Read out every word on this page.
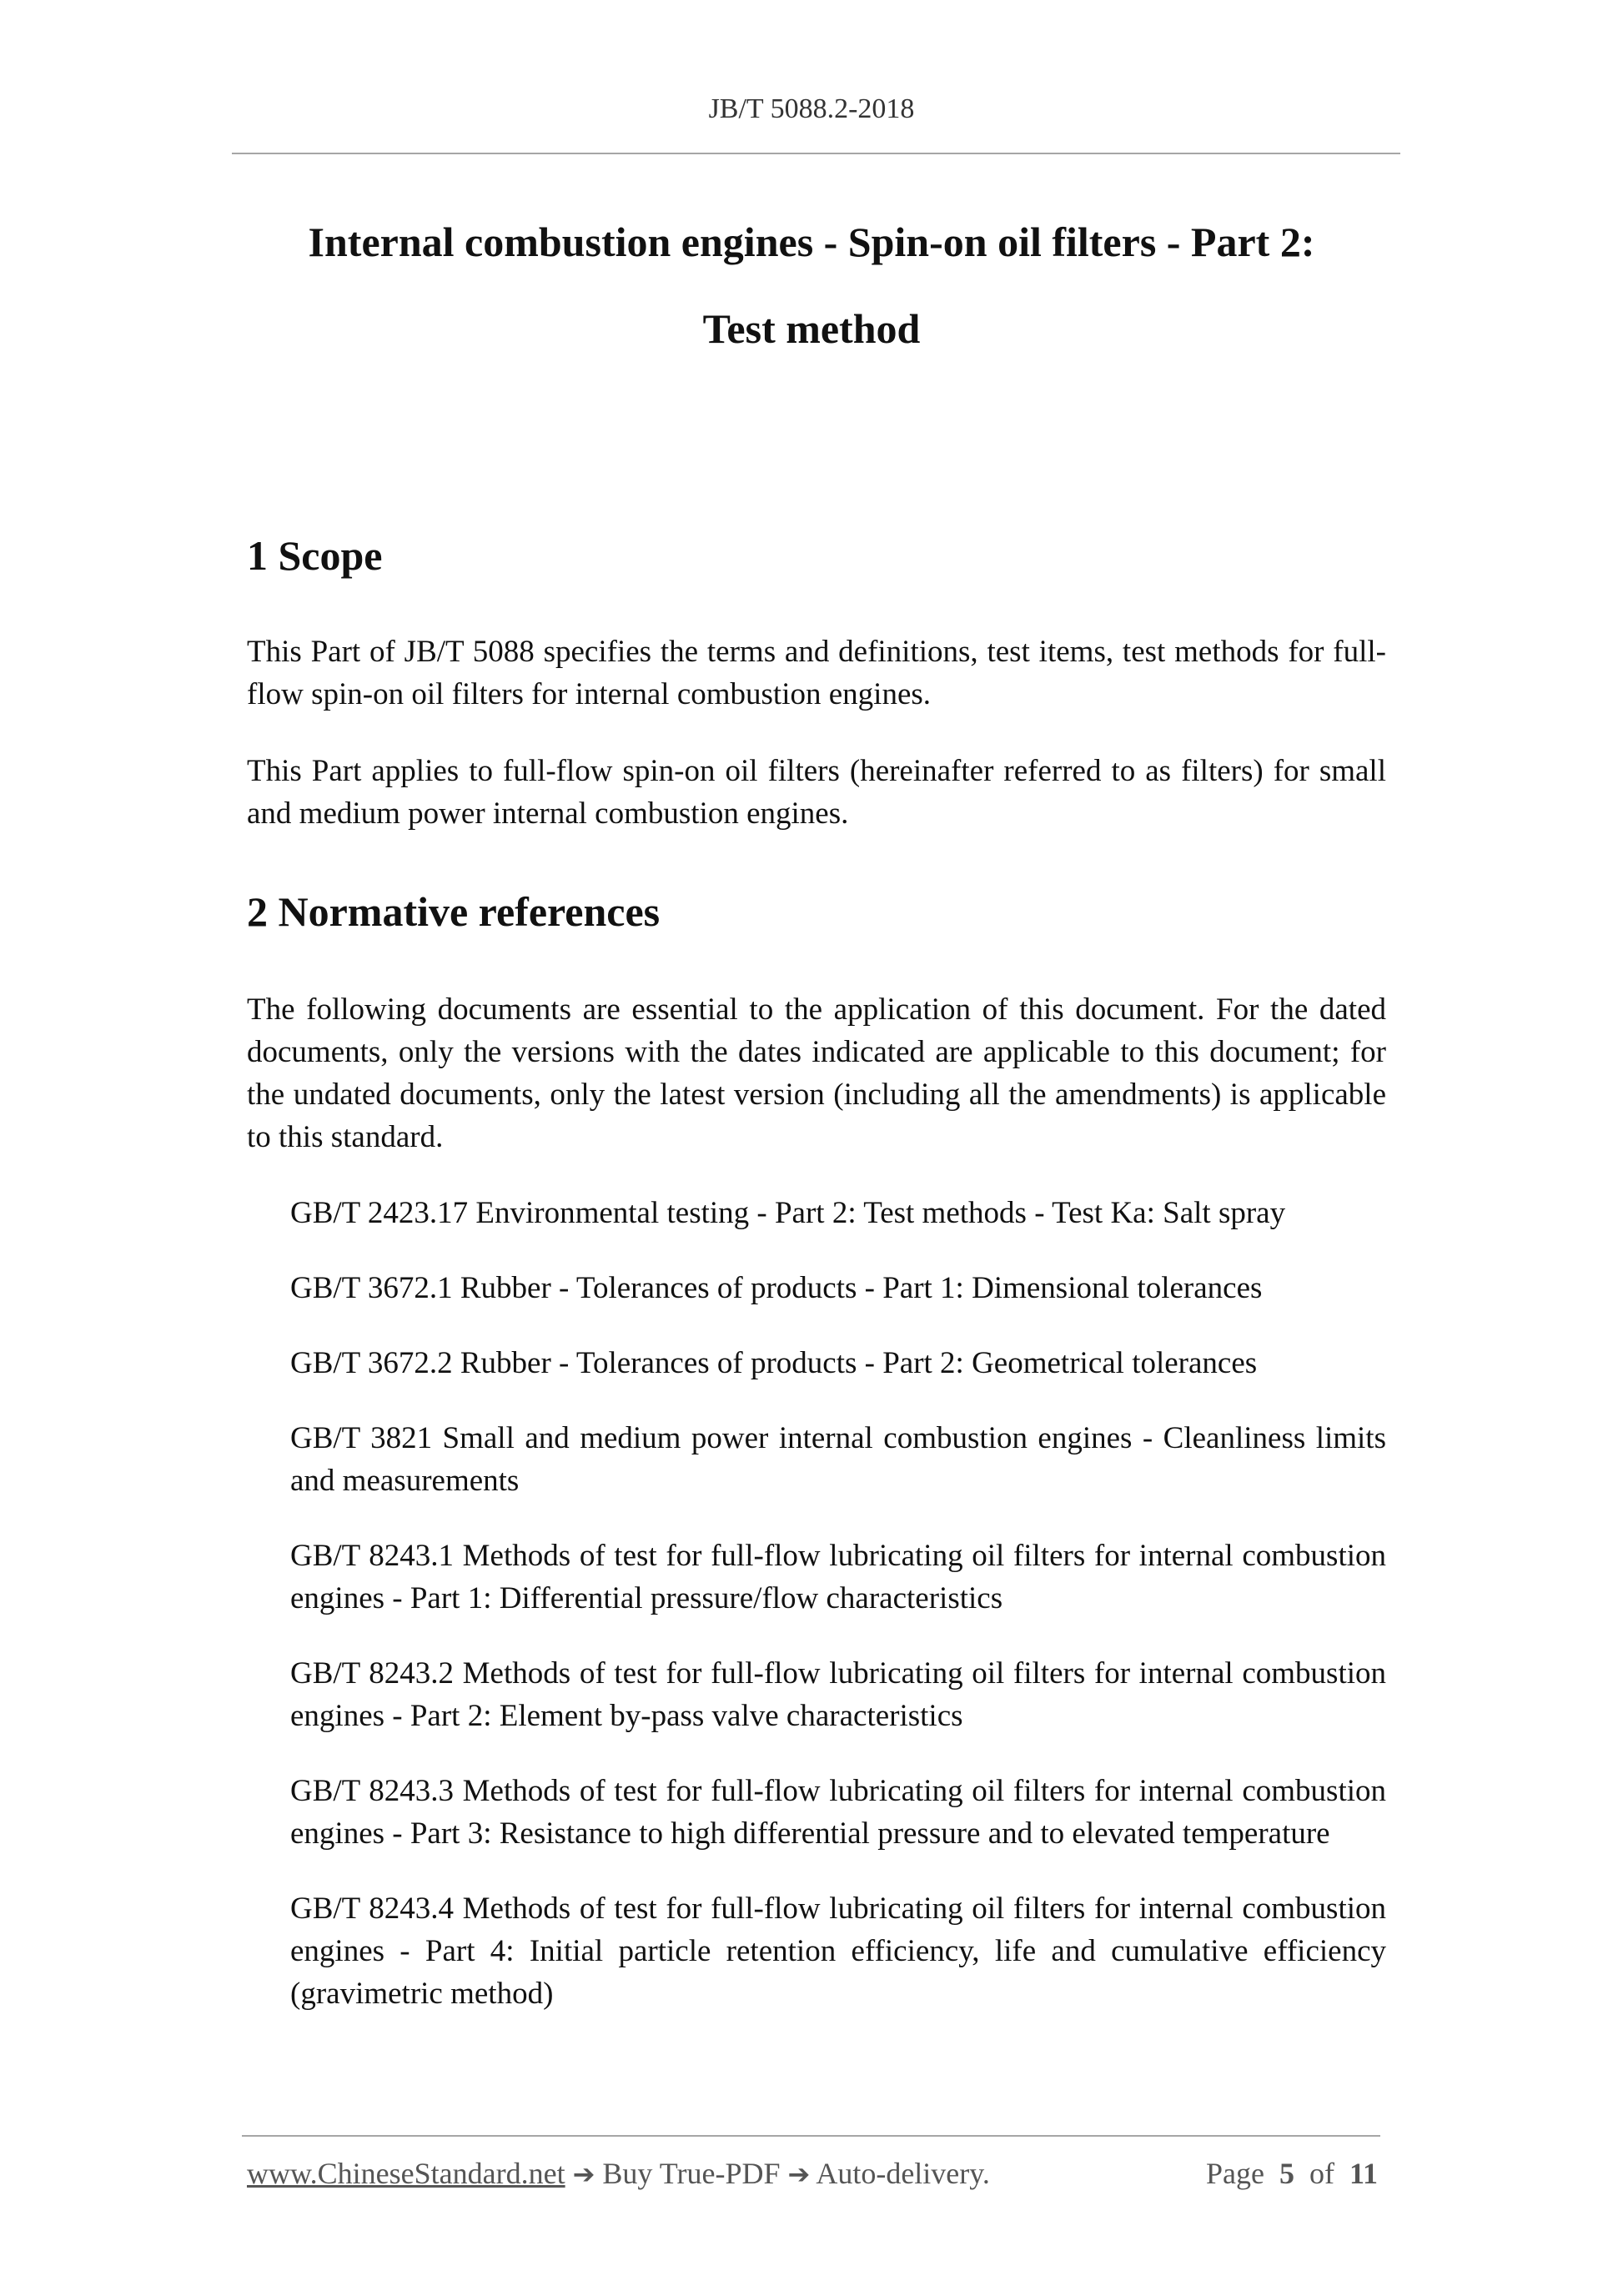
JB/T 5088.2-2018
Internal combustion engines - Spin-on oil filters - Part 2:
Test method
1 Scope

This Part of JB/T 5088 specifies the terms and definitions, test items, test methods for full-flow spin-on oil filters for internal combustion engines.

This Part applies to full-flow spin-on oil filters (hereinafter referred to as filters) for small and medium power internal combustion engines.

2 Normative references

The following documents are essential to the application of this document. For the dated documents, only the versions with the dates indicated are applicable to this document; for the undated documents, only the latest version (including all the amendments) is applicable to this standard.

GB/T 2423.17 Environmental testing - Part 2: Test methods - Test Ka: Salt spray
GB/T 3672.1 Rubber - Tolerances of products - Part 1: Dimensional tolerances
GB/T 3672.2 Rubber - Tolerances of products - Part 2: Geometrical tolerances
GB/T 3821 Small and medium power internal combustion engines - Cleanliness limits and measurements
GB/T 8243.1 Methods of test for full-flow lubricating oil filters for internal combustion engines - Part 1: Differential pressure/flow characteristics
GB/T 8243.2 Methods of test for full-flow lubricating oil filters for internal combustion engines - Part 2: Element by-pass valve characteristics
GB/T 8243.3 Methods of test for full-flow lubricating oil filters for internal combustion engines - Part 3: Resistance to high differential pressure and to elevated temperature
GB/T 8243.4 Methods of test for full-flow lubricating oil filters for internal combustion engines - Part 4: Initial particle retention efficiency, life and cumulative efficiency (gravimetric method)
www.ChineseStandard.net ➔ Buy True-PDF ➔ Auto-delivery.	Page 5 of 11
